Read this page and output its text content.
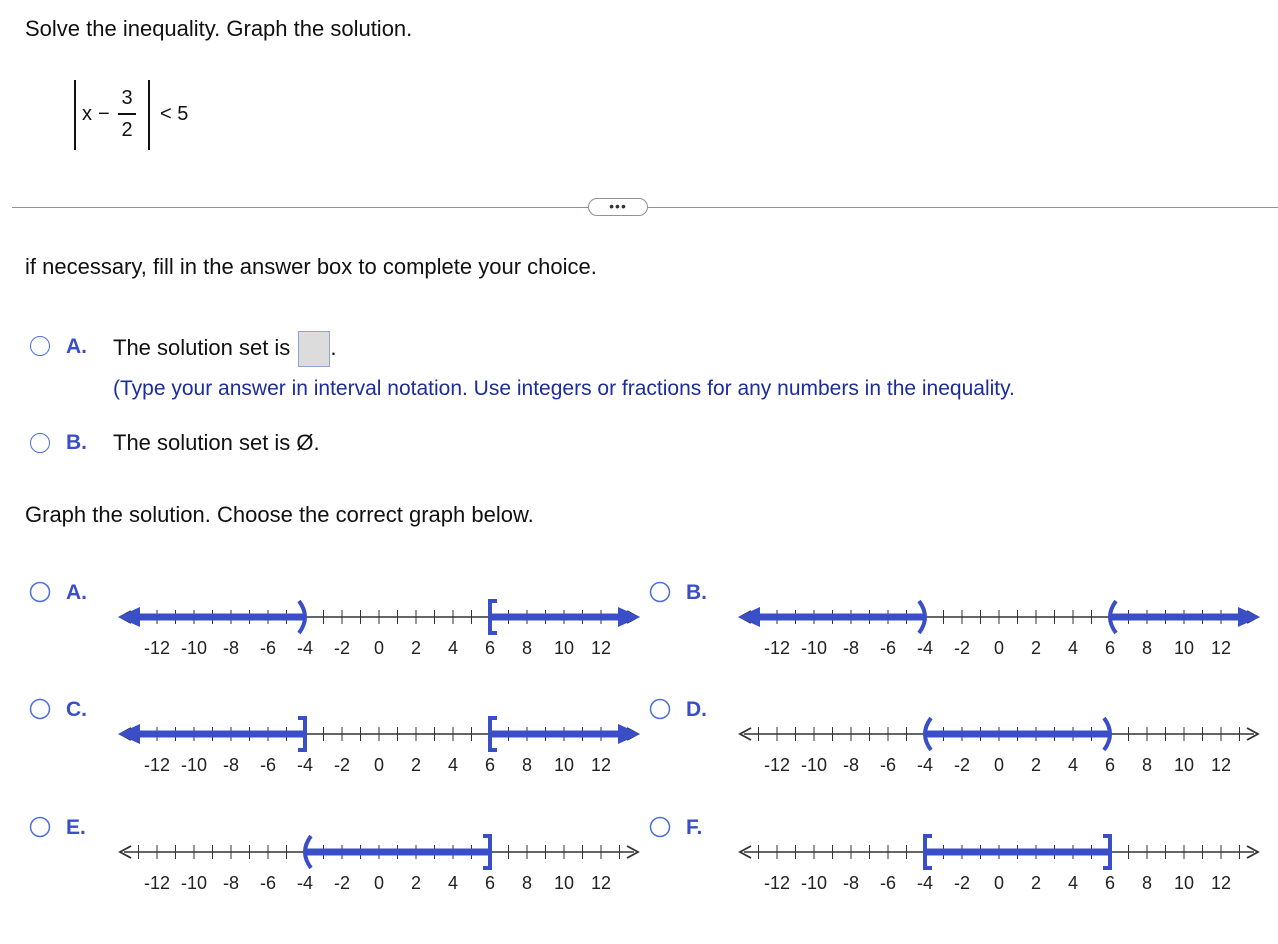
Solve the inequality. Graph the solution.
x −
3
2
< 5
•••
if necessary, fill in the answer box to complete your choice.
A. The solution set is .
(Type your answer in interval notation. Use integers or fractions for any numbers in the inequality.
B. The solution set is Ø.
Graph the solution. Choose the correct graph below.
A.
-12 -10 -8 -6 -4 -2 0 2 4 6 8 10 12
B.
-12 -10 -8 -6 -4 -2 0 2 4 6 8 10 12
C.
-12 -10 -8 -6 -4 -2 0 2 4 6 8 10 12
D.
-12 -10 -8 -6 -4 -2 0 2 4 6 8 10 12
E.
-12 -10 -8 -6 -4 -2 0 2 4 6 8 10 12
F.
-12 -10 -8 -6 -4 -2 0 2 4 6 8 10 12
